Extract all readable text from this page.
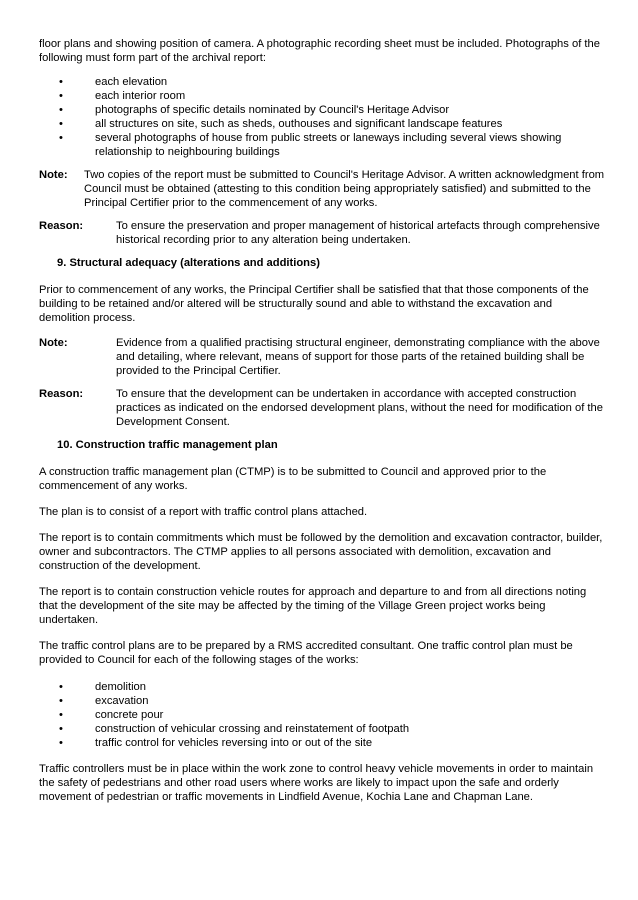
floor plans and showing position of camera. A photographic recording sheet must be included. Photographs of the following must form part of the archival report:

• each elevation
• each interior room
• photographs of specific details nominated by Council's Heritage Advisor
• all structures on site, such as sheds, outhouses and significant landscape features
• several photographs of house from public streets or laneways including several views showing relationship to neighbouring buildings
Note:	Two copies of the report must be submitted to Council's Heritage Advisor. A written acknowledgment from Council must be obtained (attesting to this condition being appropriately satisfied) and submitted to the Principal Certifier prior to the commencement of any works.
Reason:	To ensure the preservation and proper management of historical artefacts through comprehensive historical recording prior to any alteration being undertaken.
9. Structural adequacy (alterations and additions)

Prior to commencement of any works, the Principal Certifier shall be satisfied that that those components of the building to be retained and/or altered will be structurally sound and able to withstand the excavation and demolition process.

Note:	Evidence from a qualified practising structural engineer, demonstrating compliance with the above and detailing, where relevant, means of support for those parts of the retained building shall be provided to the Principal Certifier.
Reason:	To ensure that the development can be undertaken in accordance with accepted construction practices as indicated on the endorsed development plans, without the need for modification of the Development Consent.
10. Construction traffic management plan

A construction traffic management plan (CTMP) is to be submitted to Council and approved prior to the commencement of any works.

The plan is to consist of a report with traffic control plans attached.

The report is to contain commitments which must be followed by the demolition and excavation contractor, builder, owner and subcontractors. The CTMP applies to all persons associated with demolition, excavation and construction of the development.

The report is to contain construction vehicle routes for approach and departure to and from all directions noting that the development of the site may be affected by the timing of the Village Green project works being undertaken.

The traffic control plans are to be prepared by a RMS accredited consultant. One traffic control plan must be provided to Council for each of the following stages of the works:

• demolition
• excavation
• concrete pour
• construction of vehicular crossing and reinstatement of footpath
• traffic control for vehicles reversing into or out of the site

Traffic controllers must be in place within the work zone to control heavy vehicle movements in order to maintain the safety of pedestrians and other road users where works are likely to impact upon the safe and orderly movement of pedestrian or traffic movements in Lindfield Avenue, Kochia Lane and Chapman Lane.
